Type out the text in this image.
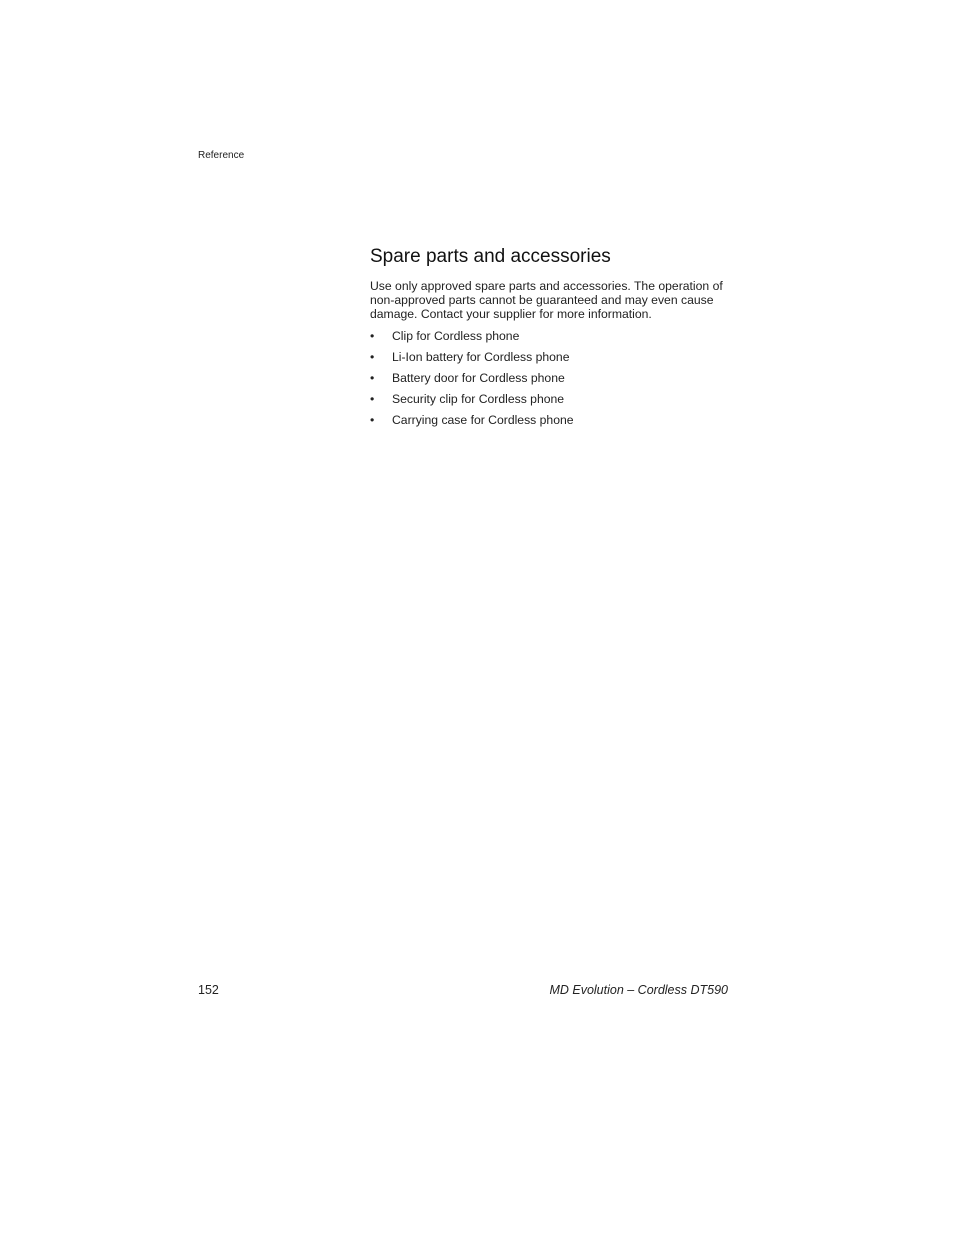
Reference
Spare parts and accessories

Use only approved spare parts and accessories. The operation of non-approved parts cannot be guaranteed and may even cause damage. Contact your supplier for more information.

• Clip for Cordless phone
• Li-Ion battery for Cordless phone
• Battery door for Cordless phone
• Security clip for Cordless phone
• Carrying case for Cordless phone
152	MD Evolution – Cordless DT590
